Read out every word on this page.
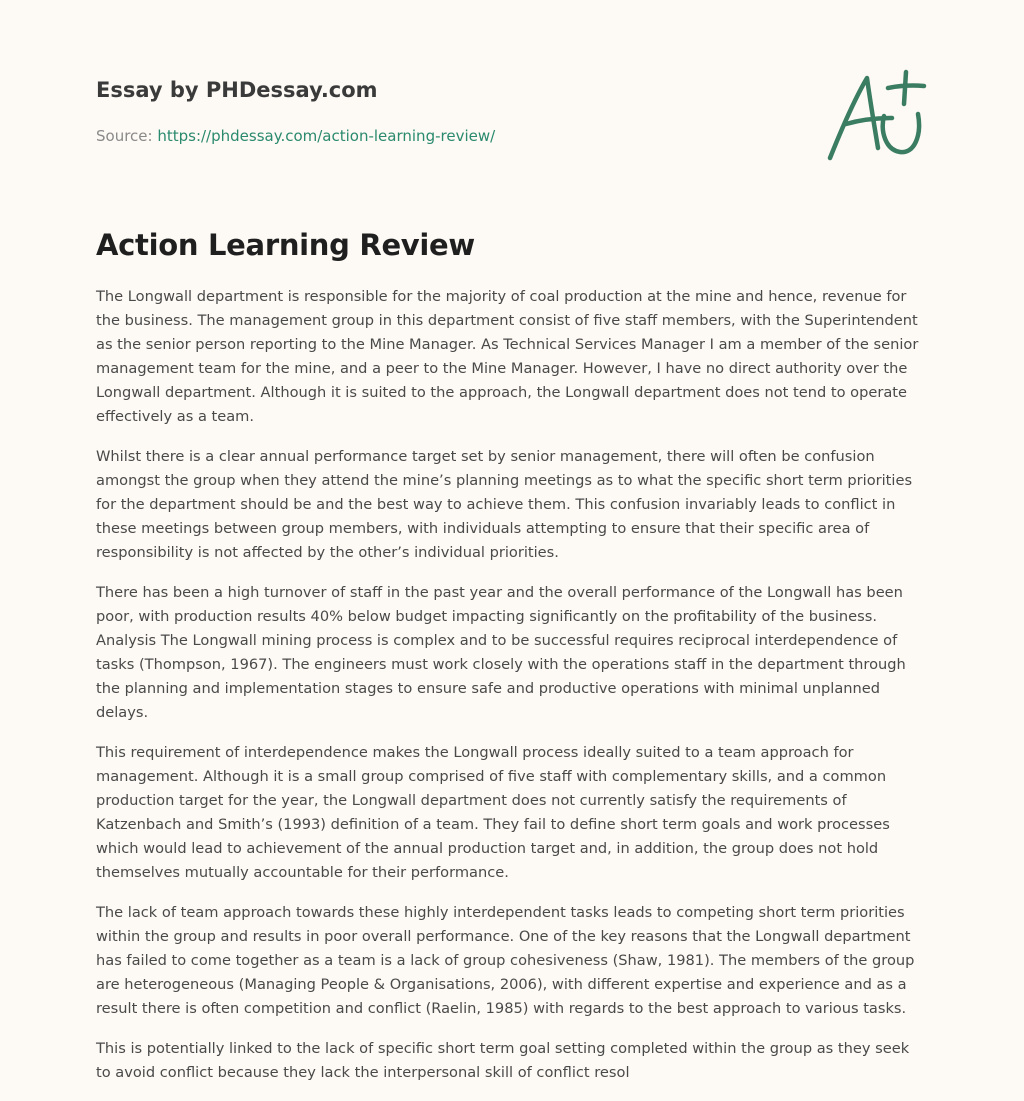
Essay by PHDessay.com
Source: https://phdessay.com/action-learning-review/
Action Learning Review

The Longwall department is responsible for the majority of coal production at the mine and hence, revenue for the business. The management group in this department consist of five staff members, with the Superintendent as the senior person reporting to the Mine Manager. As Technical Services Manager I am a member of the senior management team for the mine, and a peer to the Mine Manager. However, I have no direct authority over the Longwall department. Although it is suited to the approach, the Longwall department does not tend to operate effectively as a team.

Whilst there is a clear annual performance target set by senior management, there will often be confusion amongst the group when they attend the mine’s planning meetings as to what the specific short term priorities for the department should be and the best way to achieve them. This confusion invariably leads to conflict in these meetings between group members, with individuals attempting to ensure that their specific area of responsibility is not affected by the other’s individual priorities.

There has been a high turnover of staff in the past year and the overall performance of the Longwall has been poor, with production results 40% below budget impacting significantly on the profitability of the business. Analysis The Longwall mining process is complex and to be successful requires reciprocal interdependence of tasks (Thompson, 1967). The engineers must work closely with the operations staff in the department through the planning and implementation stages to ensure safe and productive operations with minimal unplanned delays.

This requirement of interdependence makes the Longwall process ideally suited to a team approach for management. Although it is a small group comprised of five staff with complementary skills, and a common production target for the year, the Longwall department does not currently satisfy the requirements of Katzenbach and Smith’s (1993) definition of a team. They fail to define short term goals and work processes which would lead to achievement of the annual production target and, in addition, the group does not hold themselves mutually accountable for their performance.

The lack of team approach towards these highly interdependent tasks leads to competing short term priorities within the group and results in poor overall performance. One of the key reasons that the Longwall department has failed to come together as a team is a lack of group cohesiveness (Shaw, 1981). The members of the group are heterogeneous (Managing People & Organisations, 2006), with different expertise and experience and as a result there is often competition and conflict (Raelin, 1985) with regards to the best approach to various tasks.

This is potentially linked to the lack of specific short term goal setting completed within the group as they seek to avoid conflict because they lack the interpersonal skill of conflict resol
